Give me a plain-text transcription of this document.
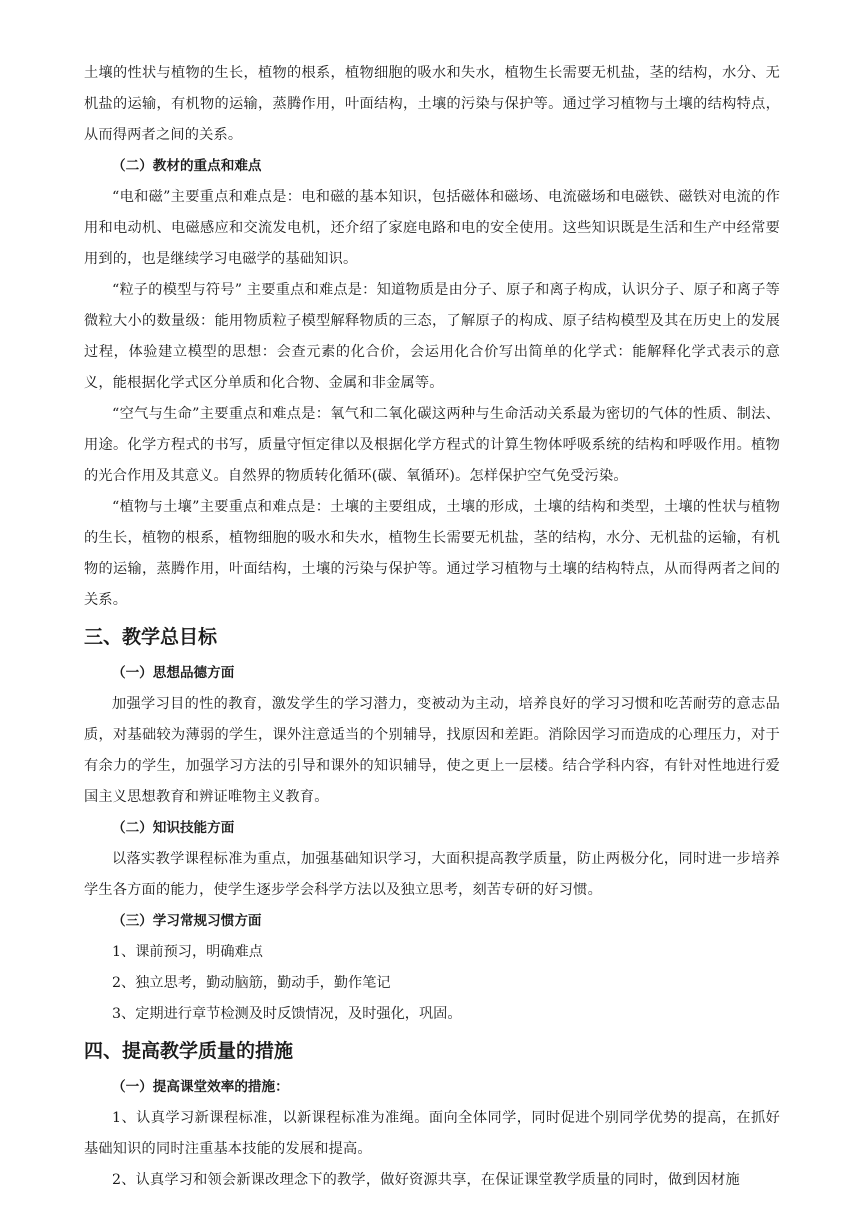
土壤的性状与植物的生长，植物的根系，植物细胞的吸水和失水，植物生长需要无机盐，茎的结构，水分、无机盐的运输，有机物的运输，蒸腾作用，叶面结构，土壤的污染与保护等。通过学习植物与土壤的结构特点，从而得两者之间的关系。

（二）教材的重点和难点

“电和磁”主要重点和难点是：电和磁的基本知识，包括磁体和磁场、电流磁场和电磁铁、磁铁对电流的作用和电动机、电磁感应和交流发电机，还介绍了家庭电路和电的安全使用。这些知识既是生活和生产中经常要用到的，也是继续学习电磁学的基础知识。

“粒子的模型与符号” 主要重点和难点是：知道物质是由分子、原子和离子构成，认识分子、原子和离子等微粒大小的数量级：能用物质粒子模型解释物质的三态，了解原子的构成、原子结构模型及其在历史上的发展过程，体验建立模型的思想：会查元素的化合价，会运用化合价写出简单的化学式：能解释化学式表示的意义，能根据化学式区分单质和化合物、金属和非金属等。

“空气与生命”主要重点和难点是：氧气和二氧化碳这两种与生命活动关系最为密切的气体的性质、制法、用途。化学方程式的书写，质量守恒定律以及根据化学方程式的计算生物体呼吸系统的结构和呼吸作用。植物的光合作用及其意义。自然界的物质转化循环(碳、氧循环)。怎样保护空气免受污染。

“植物与土壤”主要重点和难点是：土壤的主要组成，土壤的形成，土壤的结构和类型，土壤的性状与植物的生长，植物的根系，植物细胞的吸水和失水，植物生长需要无机盐，茎的结构，水分、无机盐的运输，有机物的运输，蒸腾作用，叶面结构，土壤的污染与保护等。通过学习植物与土壤的结构特点，从而得两者之间的关系。

三、教学总目标

（一）思想品德方面

加强学习目的性的教育，激发学生的学习潜力，变被动为主动，培养良好的学习习惯和吃苦耐劳的意志品质，对基础较为薄弱的学生，课外注意适当的个别辅导，找原因和差距。消除因学习而造成的心理压力，对于有余力的学生，加强学习方法的引导和课外的知识辅导，使之更上一层楼。结合学科内容，有针对性地进行爱国主义思想教育和辨证唯物主义教育。

（二）知识技能方面

以落实教学课程标准为重点，加强基础知识学习，大面积提高教学质量，防止两极分化，同时进一步培养学生各方面的能力，使学生逐步学会科学方法以及独立思考，刻苦专研的好习惯。

（三）学习常规习惯方面

1、课前预习，明确难点

2、独立思考，勤动脑筋，勤动手，勤作笔记

3、定期进行章节检测及时反馈情况，及时强化，巩固。

四、提高教学质量的措施

（一）提高课堂效率的措施：

1、认真学习新课程标准，以新课程标准为准绳。面向全体同学，同时促进个别同学优势的提高，在抓好基础知识的同时注重基本技能的发展和提高。

2、认真学习和领会新课改理念下的教学，做好资源共享，在保证课堂教学质量的同时，做到因材施
